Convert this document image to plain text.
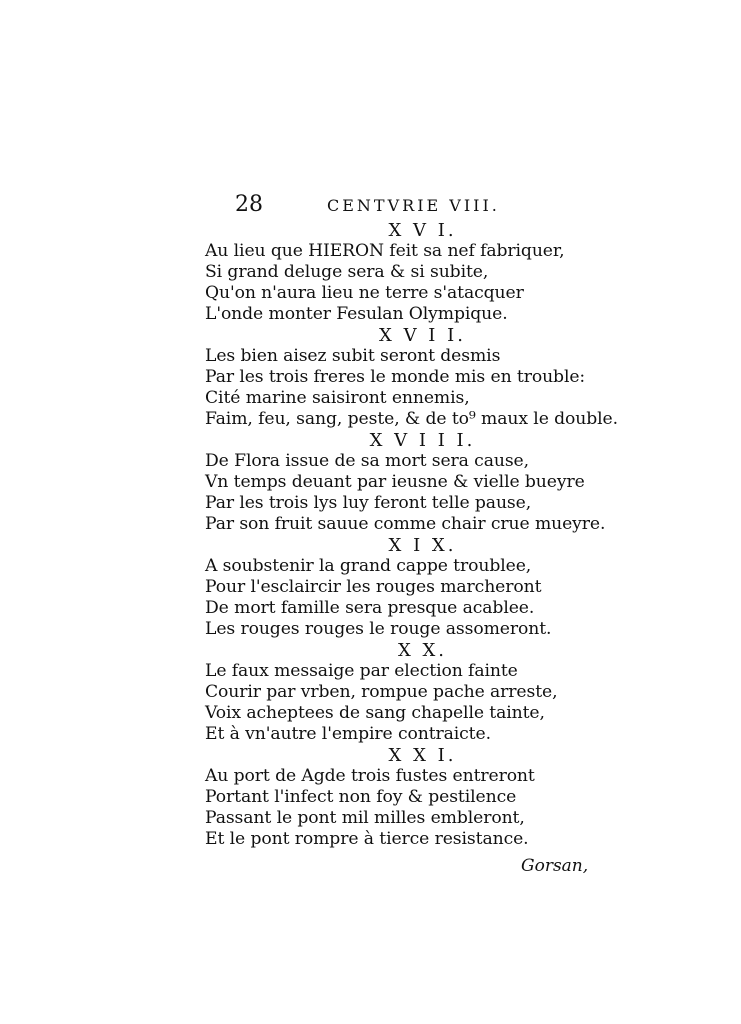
28	CENTVRIE VIII.
X V I.
Au lieu que HIERON feit sa nef fabriquer,
Si grand deluge sera & si subite,
Qu'on n'aura lieu ne terre s'atacquer
L'onde monter Fesulan Olympique.
X V I I.
Les bien aisez subit seront desmis
Par les trois freres le monde mis en trouble:
Cité marine saisiront ennemis,
Faim, feu, sang, peste, & de to⁹ maux le double.
X V I I I.
De Flora issue de sa mort sera cause,
Vn temps deuant par ieusne & vielle bueyre
Par les trois lys luy feront telle pause,
Par son fruit sauue comme chair crue mueyre.
X I X.
A soubstenir la grand cappe troublee,
Pour l'esclaircir les rouges marcheront
De mort famille sera presque acablee.
Les rouges rouges le rouge assomeront.
X X.
Le faux messaige par election fainte
Courir par vrben, rompue pache arreste,
Voix acheptees de sang chapelle tainte,
Et à vn'autre l'empire contraicte.
X X I.
Au port de Agde trois fustes entreront
Portant l'infect non foy & pestilence
Passant le pont mil milles embleront,
Et le pont rompre à tierce resistance.
Gorsan,
